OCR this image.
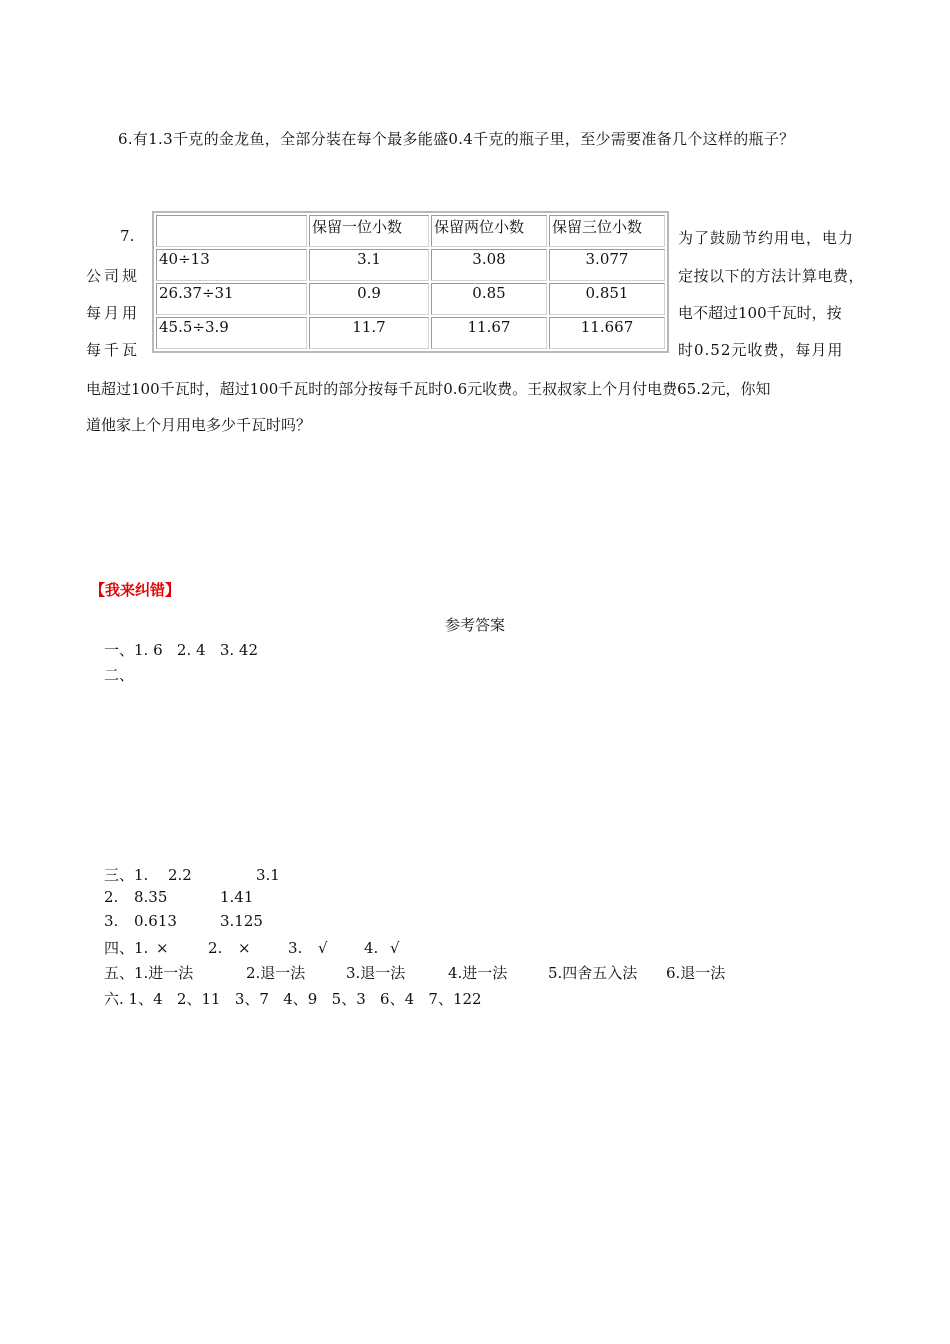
6.有1.3千克的金龙鱼，全部分装在每个最多能盛0.4千克的瓶子里，至少需要准备几个这样的瓶子？
7.
公司规
每月用
每千瓦
为了鼓励节约用电，电力
定按以下的方法计算电费，
电不超过100千瓦时，按
时0.52元收费，每月用
电超过100千瓦时，超过100千瓦时的部分按每千瓦时0.6元收费。王叔叔家上个月付电费65.2元，你知
道他家上个月用电多少千瓦时吗？
	保留一位小数	保留两位小数	保留三位小数
40÷13	3.1	3.08	3.077
26.37÷31	0.9	0.85	0.851
45.5÷3.9	11.7	11.67	11.667
【我来纠错】
参考答案
一、1. 6   2. 4   3. 42
二、
三、1. 2.2	3.1
2. 8.35	1.41
3. 0.613	3.125
四、1. ×	2. × 3. √ 4. √
五、1.进一法	2.退一法	3.退一法	4.进一法	5.四舍五入法 6.退一法
六. 1、4   2、11   3、7   4、9   5、3   6、4   7、122
